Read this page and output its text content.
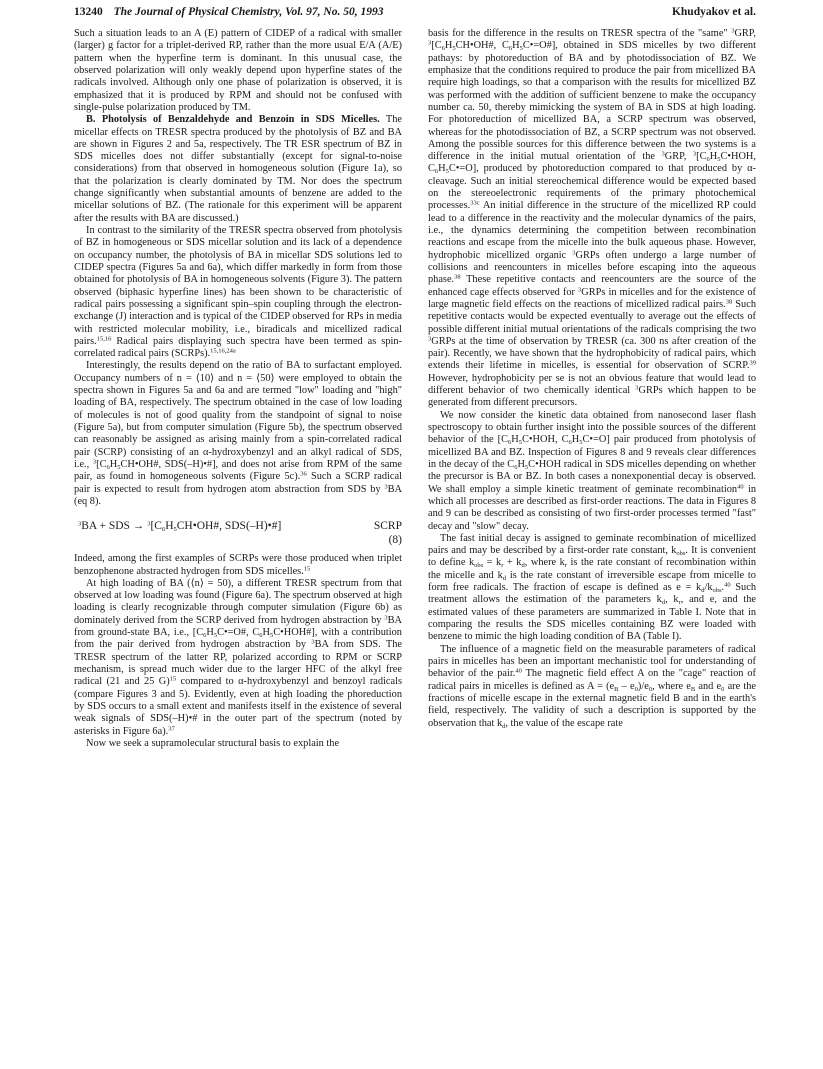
13240 The Journal of Physical Chemistry, Vol. 97, No. 50, 1993	Khudyakov et al.

Such a situation leads to an A (E) pattern of CIDEP of a radical with smaller (larger) g factor for a triplet-derived RP, rather than the more usual E/A (A/E) pattern when the hyperfine term is dominant. In this unusual case, the observed polarization will only weakly depend upon hyperfine states of the radicals involved. Although only one phase of polarization is observed, it is emphasized that it is produced by RPM and should not be confused with single-pulse polarization produced by TM.

B. Photolysis of Benzaldehyde and Benzoin in SDS Micelles. The micellar effects on TRESR spectra produced by the photolysis of BZ and BA are shown in Figures 2 and 5a, respectively. The TR ESR spectrum of BZ in SDS micelles does not differ substantially (except for signal-to-noise considerations) from that observed in homogeneous solution (Figure 1a), so that the polarization is clearly dominated by TM. Nor does the spectrum change significantly when substantial amounts of benzene are added to the micellar solutions of BZ. (The rationale for this experiment will be apparent after the results with BA are discussed.)

In contrast to the similarity of the TRESR spectra observed from photolysis of BZ in homogeneous or SDS micellar solution and its lack of a dependence on occupancy number, the photolysis of BA in micellar SDS solutions led to CIDEP spectra (Figures 5a and 6a), which differ markedly in form from those obtained for photolysis of BA in homogeneous solvents (Figure 3). The pattern observed (biphasic hyperfine lines) has been shown to be characteristic of radical pairs possessing a significant spin–spin coupling through the electron-exchange (J) interaction and is typical of the CIDEP observed for RPs in media with restricted molecular mobility, i.e., biradicals and micellized radical pairs.$^{15,16}$ Radical pairs displaying such spectra have been termed as spin-correlated radical pairs (SCRPs).$^{15,16,24a}$

Interestingly, the results depend on the ratio of BA to surfactant employed. Occupancy numbers of n = ⟨10⟩ and n = ⟨50⟩ were employed to obtain the spectra shown in Figures 5a and 6a and are termed "low" loading and "high" loading of BA, respectively. The spectrum obtained in the case of low loading of molecules is not of good quality from the standpoint of signal to noise (Figure 5a), but from computer simulation (Figure 5b), the spectrum observed can reasonably be assigned as arising mainly from a spin-correlated radical pair (SCRP) consisting of an α-hydroxybenzyl and an alkyl radical of SDS, i.e., $^3[C_6H_5CH•OH\#$, SDS(–H)•#], and does not arise from RPM of the same pair, as found in homogeneous solvents (Figure 5c).$^{36}$ Such a SCRP radical pair is expected to result from hydrogen atom abstraction from SDS by $^3$BA (eq 8).

$^3$BA + SDS → $^3[C_6H_5CH•OH\#$, SDS(–H)•#]	SCRP
(8)

Indeed, among the first examples of SCRPs were those produced when triplet benzophenone abstracted hydrogen from SDS micelles.$^{15}$

At high loading of BA (⟨n⟩ = 50), a different TRESR spectrum from that observed at low loading was found (Figure 6a). The spectrum observed at high loading is clearly recognizable through computer simulation (Figure 6b) as dominately derived from the SCRP derived from hydrogen abstraction by $^3$BA from ground-state BA, i.e., [$C_6H_5C•=O\#$, $C_6H_5C•HOH\#$], with a contribution from the pair derived from hydrogen abstraction by $^3$BA from SDS. The TRESR spectrum of the latter RP, polarized according to RPM or SCRP mechanism, is spread much wider due to the larger HFC of the alkyl free radical (21 and 25 G)$^{15}$ compared to α-hydroxybenzyl and benzoyl radicals (compare Figures 3 and 5). Evidently, even at high loading the phoreduction by SDS occurs to a small extent and manifests itself in the existence of several weak signals of SDS(–H)•# in the outer part of the spectrum (noted by asterisks in Figure 6a).$^{37}$

Now we seek a supramolecular structural basis to explain the

basis for the difference in the results on TRESR spectra of the "same" $^3$GRP, $^3[C_6H_5CH•OH\#$, $C_6H_5C•=O\#$], obtained in SDS micelles by two different pathays: by photoreduction of BA and by photodissociation of BZ. We emphasize that the conditions required to produce the pair from micellized BA require high loadings, so that a comparison with the results for micellized BZ was performed with the addition of sufficient benzene to make the occupancy number ca. 50, thereby mimicking the system of BA in SDS at high loading. For photoreduction of micellized BA, a SCRP spectrum was observed, whereas for the photodissociation of BZ, a SCRP spectrum was not observed. Among the possible sources for this difference between the two systems is a difference in the initial mutual orientation of the $^3$GRP, $^3[C_6H_5C•HOH$, $C_6H_5C•=O$], produced by photoreduction compared to that produced by α-cleavage. Such an initial stereochemical difference would be expected based on the stereoelectronic requirements of the primary photochemical processes.$^{33c}$ An initial difference in the structure of the micellized RP could lead to a difference in the reactivity and the molecular dynamics of the pairs, i.e., the dynamics determining the competition between recombination reactions and escape from the micelle into the bulk aqueous phase. However, hydrophobic micellized organic $^3$GRPs often undergo a large number of collisions and reencounters in micelles before escaping into the aqueous phase.$^{38}$ These repetitive contacts and reencounters are the source of the enhanced cage effects observed for $^3$GRPs in micelles and for the existence of large magnetic field effects on the reactions of micellized radical pairs.$^{38}$ Such repetitive contacts would be expected eventually to average out the effects of possible different initial mutual orientations of the radicals comprising the two $^3$GRPs at the time of observation by TRESR (ca. 300 ns after creation of the pair). Recently, we have shown that the hydrophobicity of radical pairs, which extends their lifetime in micelles, is essential for observation of SCRP.$^{39}$ However, hydrophobicity per se is not an obvious feature that would lead to different behavior of two chemically identical $^3$GRPs which happen to be generated from different precursors.

We now consider the kinetic data obtained from nanosecond laser flash spectroscopy to obtain further insight into the possible sources of the different behavior of the [$C_6H_5C•HOH$, $C_6H_5C•=O$] pair produced from photolysis of micellized BA and BZ. Inspection of Figures 8 and 9 reveals clear differences in the decay of the $C_6H_5C•HOH$ radical in SDS micelles depending on whether the precursor is BA or BZ. In both cases a nonexponential decay is observed. We shall employ a simple kinetic treatment of geminate recombination$^{40}$ in which all processes are described as first-order reactions. The data in Figures 8 and 9 can be described as consisting of two first-order processes termed "fast" decay and "slow" decay.

The fast initial decay is assigned to geminate recombination of micellized pairs and may be described by a first-order rate constant, $k_{obs}$. It is convenient to define $k_{obs} = k_r + k_d$, where $k_r$ is the rate constant of recombination within the micelle and $k_d$ is the rate constant of irreversible escape from micelle to form free radicals. The fraction of escape is defined as $e = k_d/k_{obs}.^{40}$ Such treatment allows the estimation of the parameters $k_d$, $k_r$, and e, and the estimated values of these parameters are summarized in Table I. Note that in comparing the results the SDS micelles containing BZ were loaded with benzene to mimic the high loading condition of BA (Table I).

The influence of a magnetic field on the measurable parameters of radical pairs in micelles has been an important mechanistic tool for understanding of behavior of the pair.$^{40}$ The magnetic field effect A on the "cage" reaction of radical pairs in micelles is defined as $A = (e_B - e_0)/e_0$, where $e_B$ and $e_0$ are the fractions of micelle escape in the external magnetic field B and in the earth's field, respectively. The validity of such a description is supported by the observation that $k_d$, the value of the escape rate
